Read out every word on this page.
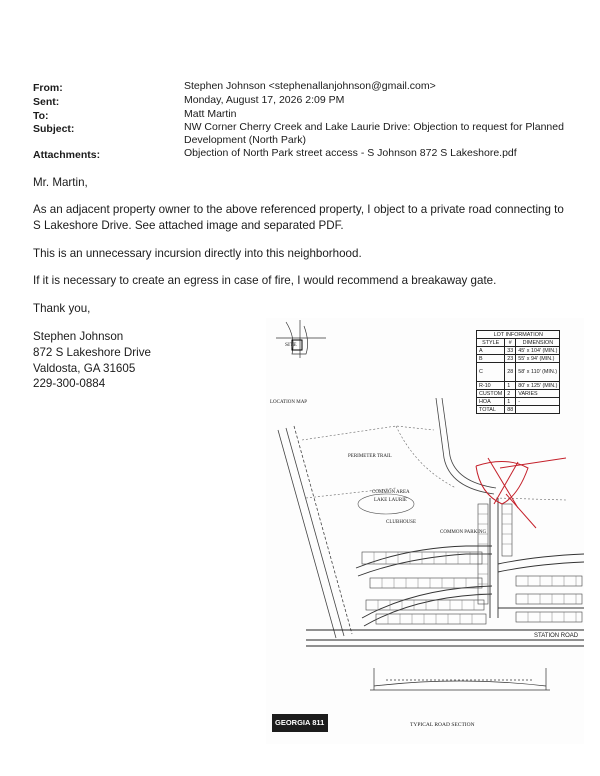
From:	Stephen Johnson <stephenallanjohnson@gmail.com>
Sent:	Monday, August 17, 2026 2:09 PM
To:	Matt Martin
Subject:	NW Corner Cherry Creek and Lake Laurie Drive: Objection to request for Planned
Development (North Park)
Attachments:	Objection of North Park street access - S Johnson 872 S Lakeshore.pdf
Mr. Martin,
As an adjacent property owner to the above referenced property, I object to a private road connecting to
S Lakeshore Drive. See attached image and separated PDF.
This is an unnecessary incursion directly into this neighborhood.
If it is necessary to create an egress in case of fire, I would recommend a breakaway gate.
Thank you,
Stephen Johnson
872 S Lakeshore Drive
Valdosta, GA 31605
229-300-0884
SITE
LOCATION MAP
COMMON AREA
LAKE LAURIE
PERIMETER TRAIL
CLUBHOUSE
COMMON PARKING
STATION ROAD
TYPICAL ROAD SECTION
GEORGIA 811
LOT INFORMATION		
STYLE	#	DIMENSION
A	33	45' x 104' (MIN.)
B	23	55' x 94' (MIN.)
C	28	58' x 110' (MIN.)
R-10	1	80' x 125' (MIN.)
CUSTOM	2	VARIES
HOA	1	-
TOTAL	88	
